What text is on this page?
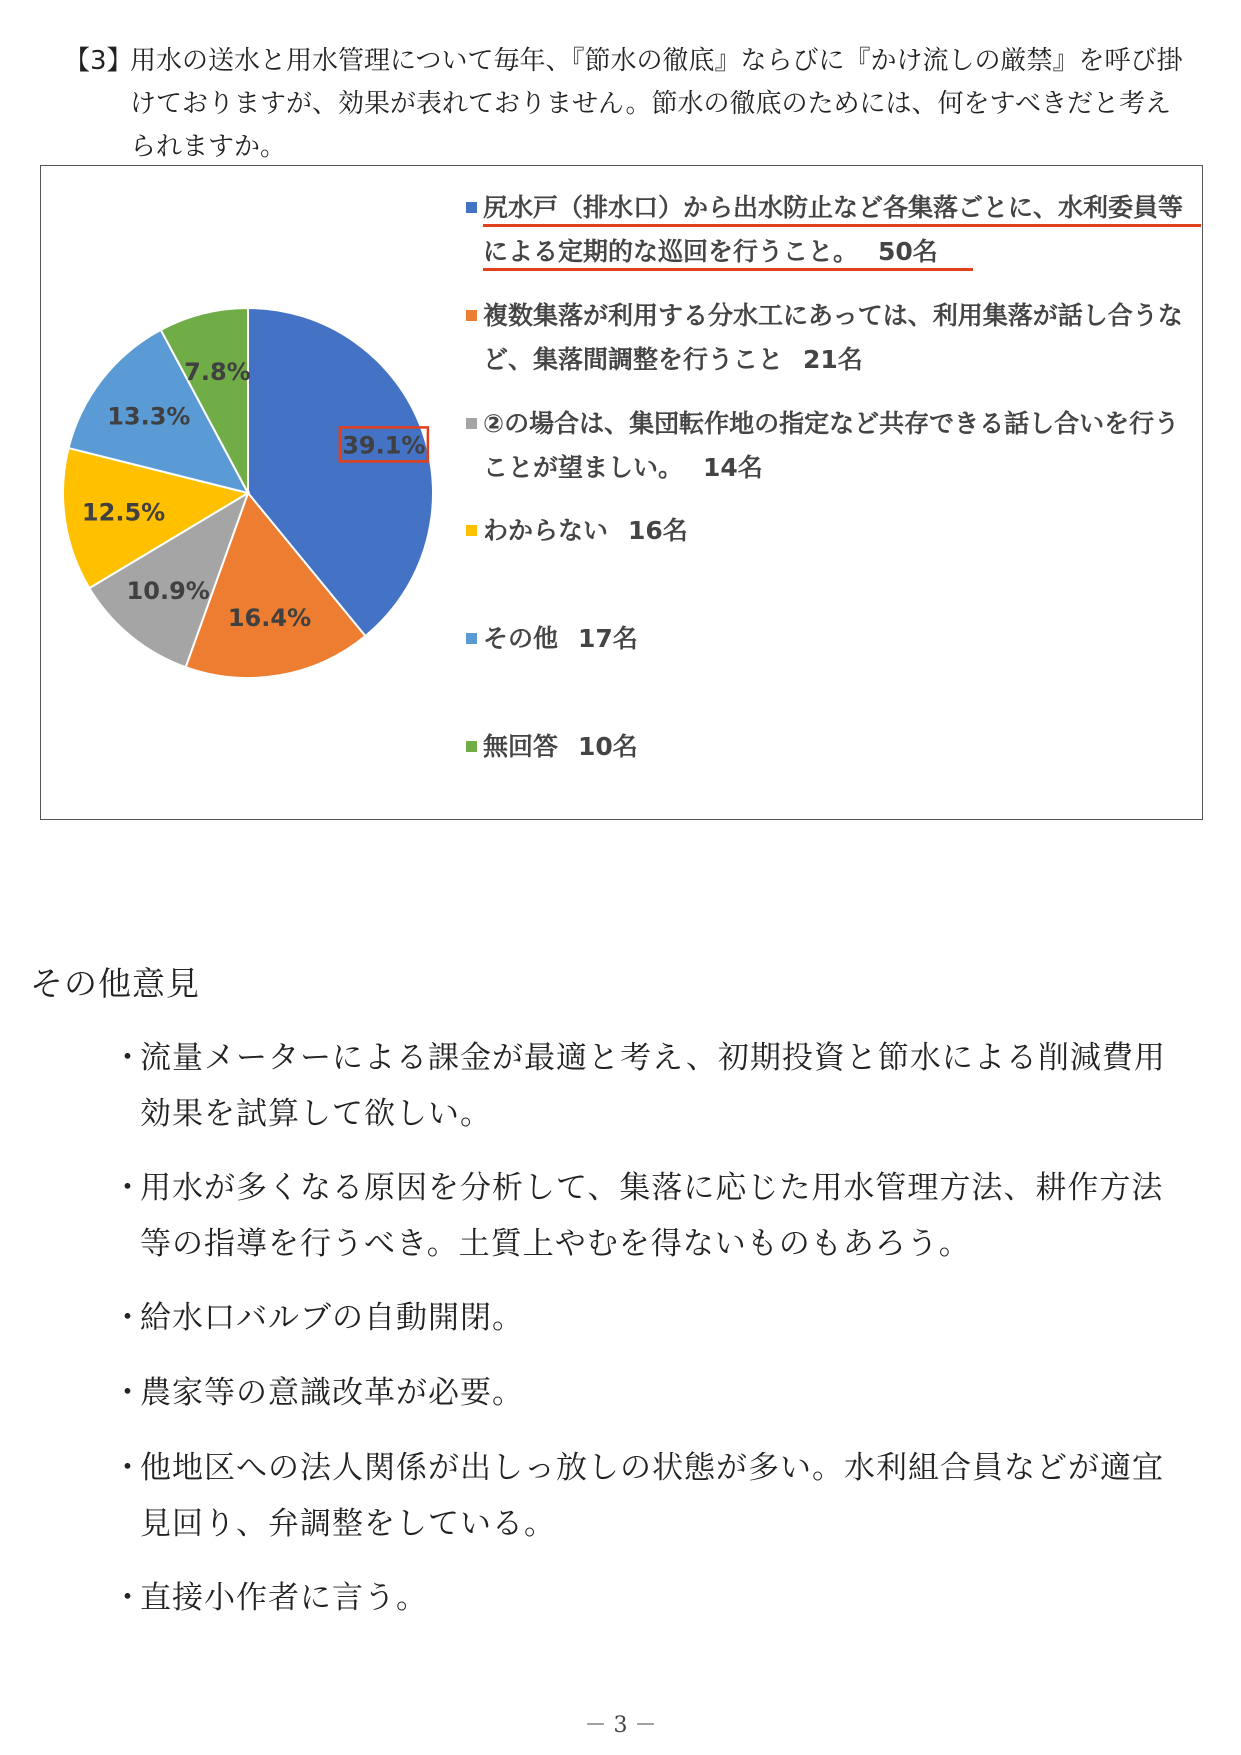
【3】
用水の送水と用水管理について毎年、『節水の徹底』ならびに『かけ流しの厳禁』を呼び掛けておりますが、効果が表れておりません。節水の徹底のためには、何をすべきだと考えられますか。
39.1%
16.4%
10.9%
12.5%
13.3%
7.8%
尻水戸（排水口）から出水防止など各集落ごとに、水利委員等による定期的な巡回を行うこと。 50名
複数集落が利用する分水工にあっては、利用集落が話し合うなど、集落間調整を行うこと 21名
②の場合は、集団転作地の指定など共存できる話し合いを行うことが望ましい。 14名
わからない 16名
その他 17名
無回答 10名
その他意見
・
流量メーターによる課金が最適と考え、初期投資と節水による削減費用効果を試算して欲しい。
・
用水が多くなる原因を分析して、集落に応じた用水管理方法、耕作方法等の指導を行うべき。土質上やむを得ないものもあろう。
・
給水口バルブの自動開閉。
・
農家等の意識改革が必要。
・
他地区への法人関係が出しっ放しの状態が多い。水利組合員などが適宜見回り、弁調整をしている。
・
直接小作者に言う。
－ 3 －
